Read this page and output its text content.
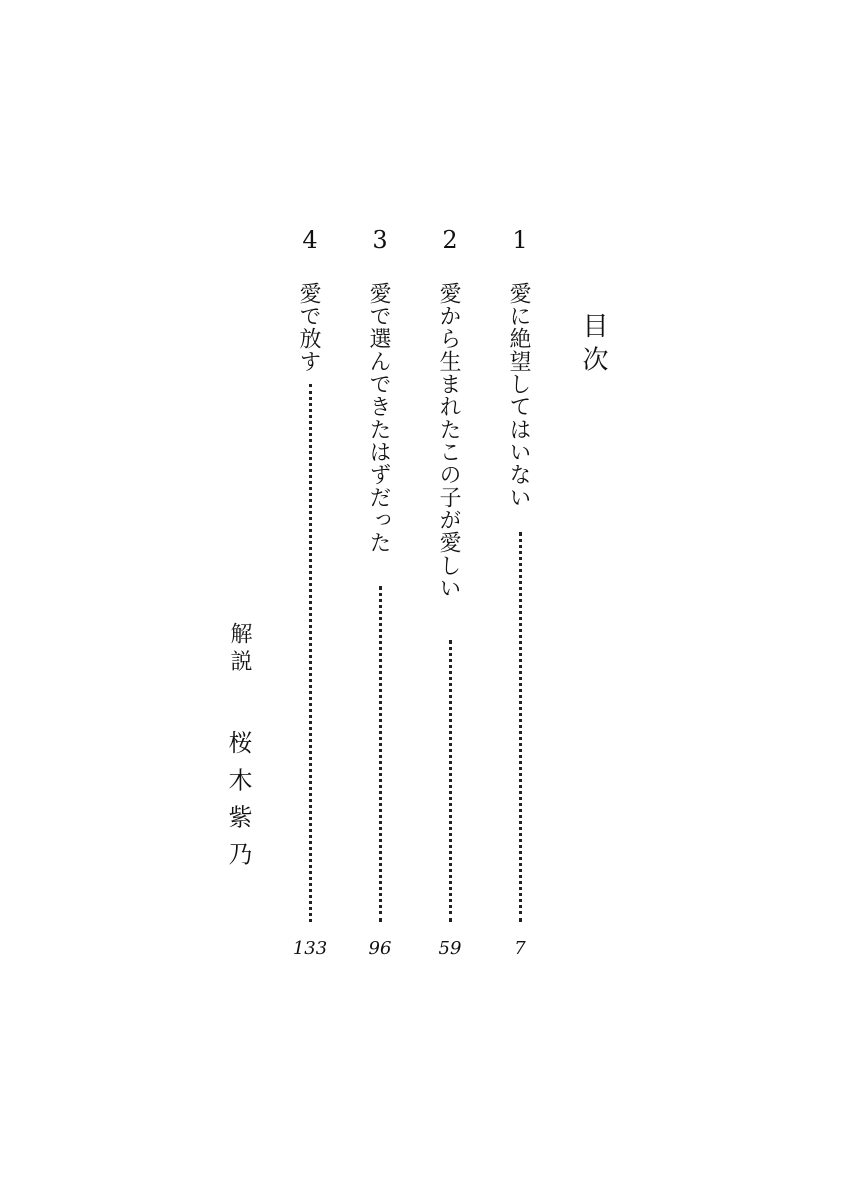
目次
1
愛に絶望してはいない
7
2
愛から生まれたこの子が愛しい
59
3
愛で選んできたはずだった
96
4
愛で放す
133
解説
桜木紫乃
